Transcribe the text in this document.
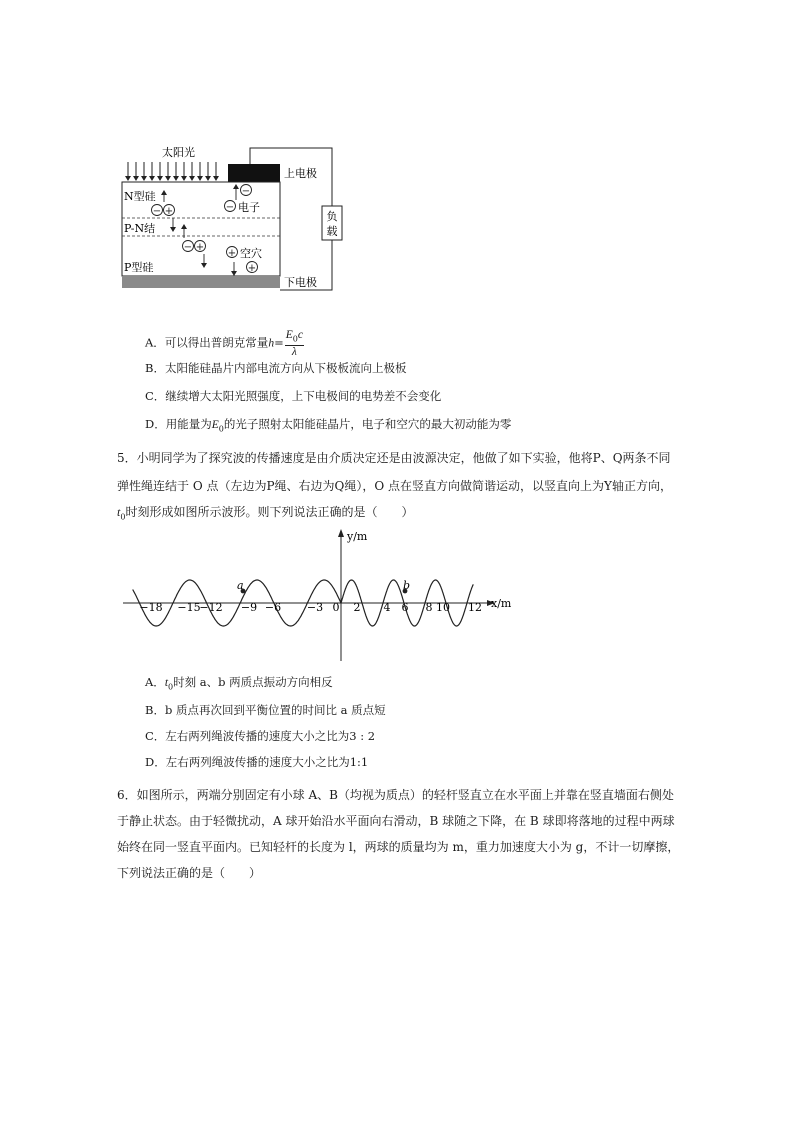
太阳光
上电极
N型硅
P-N结
P型硅
下电极
负
载
−
−
− +
− +
+
+
电子
空穴
A．可以得出普朗克常量$h= \frac{E_0c}{\lambda}$
B．太阳能硅晶片内部电流方向从下极板流向上极板
C．继续增大太阳光照强度，上下电极间的电势差不会变化
D．用能量为$E_0$的光子照射太阳能硅晶片，电子和空穴的最大初动能为零
5．小明同学为了探究波的传播速度是由介质决定还是由波源决定，他做了如下实验，他将P、Q两条不同
弹性绳连结于 O 点（左边为P绳、右边为Q绳），O 点在竖直方向做简谐运动，以竖直向上为Y轴正方向，
$t_0$时刻形成如图所示波形。则下列说法正确的是（　　）
y/m
x/m
a	b
−18 −15
−12 −9 −6 −3 0 2 4 6 8 10 12
A．$t_0$时刻 a、b 两质点振动方向相反
B．b 质点再次回到平衡位置的时间比 a 质点短
C．左右两列绳波传播的速度大小之比为3 : 2
D．左右两列绳波传播的速度大小之比为1:1
6．如图所示，两端分别固定有小球 A、B（均视为质点）的轻杆竖直立在水平面上并靠在竖直墙面右侧处
于静止状态。由于轻微扰动，A 球开始沿水平面向右滑动，B 球随之下降，在 B 球即将落地的过程中两球
始终在同一竖直平面内。已知轻杆的长度为 l，两球的质量均为 m，重力加速度大小为 g，不计一切摩擦，
下列说法正确的是（　　）
